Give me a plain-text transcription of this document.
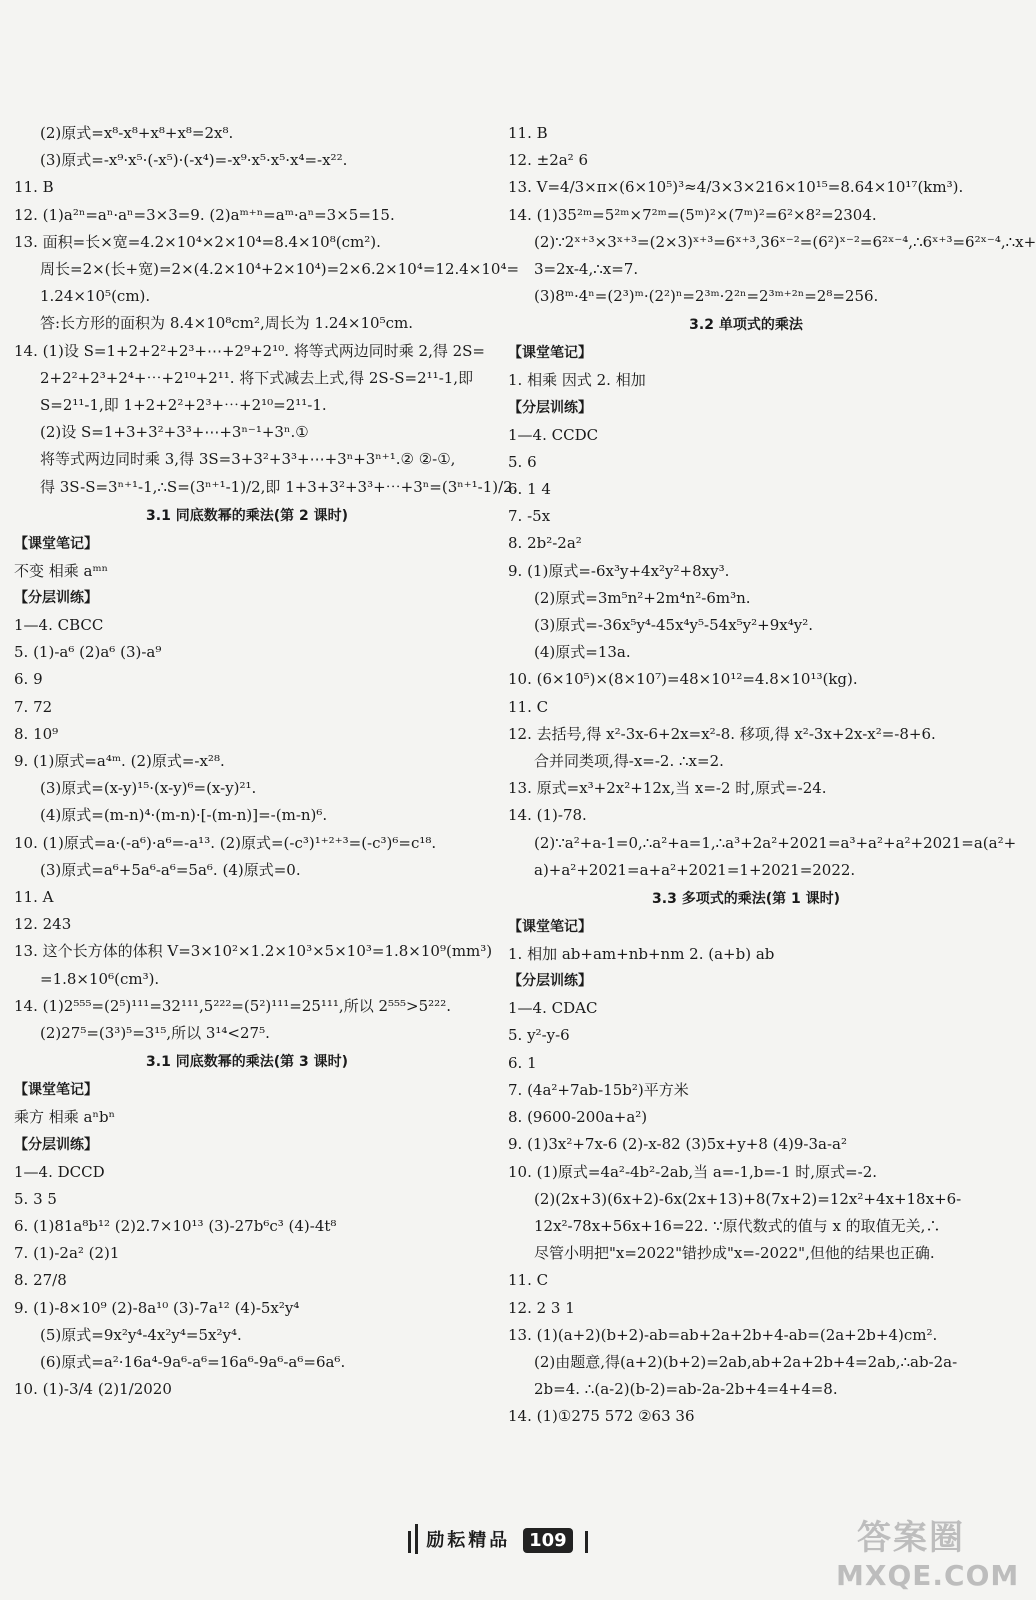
(2)原式=x⁸-x⁸+x⁸+x⁸=2x⁸.
(3)原式=-x⁹·x⁵·(-x⁵)·(-x⁴)=-x⁹·x⁵·x⁵·x⁴=-x²².
11. B
12. (1)a²ⁿ=aⁿ·aⁿ=3×3=9. (2)aᵐ⁺ⁿ=aᵐ·aⁿ=3×5=15.
13. 面积=长×宽=4.2×10⁴×2×10⁴=8.4×10⁸(cm²).
周长=2×(长+宽)=2×(4.2×10⁴+2×10⁴)=2×6.2×10⁴=12.4×10⁴=
1.24×10⁵(cm).
答:长方形的面积为 8.4×10⁸cm²,周长为 1.24×10⁵cm.
14. (1)设 S=1+2+2²+2³+⋯+2⁹+2¹⁰. 将等式两边同时乘 2,得 2S=
2+2²+2³+2⁴+⋯+2¹⁰+2¹¹. 将下式减去上式,得 2S-S=2¹¹-1,即
S=2¹¹-1,即 1+2+2²+2³+⋯+2¹⁰=2¹¹-1.
(2)设 S=1+3+3²+3³+⋯+3ⁿ⁻¹+3ⁿ.①
将等式两边同时乘 3,得 3S=3+3²+3³+⋯+3ⁿ+3ⁿ⁺¹.② ②-①,
得 3S-S=3ⁿ⁺¹-1,∴S=(3ⁿ⁺¹-1)/2,即 1+3+3²+3³+⋯+3ⁿ=(3ⁿ⁺¹-1)/2.
3.1 同底数幂的乘法(第 2 课时)
【课堂笔记】
不变 相乘 aᵐⁿ
【分层训练】
1—4. CBCC
5. (1)-a⁶ (2)a⁶ (3)-a⁹
6. 9
7. 72
8. 10⁹
9. (1)原式=a⁴ᵐ. (2)原式=-x²⁸.
(3)原式=(x-y)¹⁵·(x-y)⁶=(x-y)²¹.
(4)原式=(m-n)⁴·(m-n)·[-(m-n)]=-(m-n)⁶.
10. (1)原式=a·(-a⁶)·a⁶=-a¹³. (2)原式=(-c³)¹⁺²⁺³=(-c³)⁶=c¹⁸.
(3)原式=a⁶+5a⁶-a⁶=5a⁶. (4)原式=0.
11. A
12. 243
13. 这个长方体的体积 V=3×10²×1.2×10³×5×10³=1.8×10⁹(mm³)
=1.8×10⁶(cm³).
14. (1)2⁵⁵⁵=(2⁵)¹¹¹=32¹¹¹,5²²²=(5²)¹¹¹=25¹¹¹,所以 2⁵⁵⁵>5²²².
(2)27⁵=(3³)⁵=3¹⁵,所以 3¹⁴<27⁵.
3.1 同底数幂的乘法(第 3 课时)
【课堂笔记】
乘方 相乘 aⁿbⁿ
【分层训练】
1—4. DCCD
5. 3 5
6. (1)81a⁸b¹² (2)2.7×10¹³ (3)-27b⁶c³ (4)-4t⁸
7. (1)-2a² (2)1
8. 27/8
9. (1)-8×10⁹ (2)-8a¹⁰ (3)-7a¹² (4)-5x²y⁴
(5)原式=9x²y⁴-4x²y⁴=5x²y⁴.
(6)原式=a²·16a⁴-9a⁶-a⁶=16a⁶-9a⁶-a⁶=6a⁶.
10. (1)-3/4 (2)1/2020
11. B
12. ±2a² 6
13. V=4/3×π×(6×10⁵)³≈4/3×3×216×10¹⁵=8.64×10¹⁷(km³).
14. (1)35²ᵐ=5²ᵐ×7²ᵐ=(5ᵐ)²×(7ᵐ)²=6²×8²=2304.
(2)∵2ˣ⁺³×3ˣ⁺³=(2×3)ˣ⁺³=6ˣ⁺³,36ˣ⁻²=(6²)ˣ⁻²=6²ˣ⁻⁴,∴6ˣ⁺³=6²ˣ⁻⁴,∴x+
3=2x-4,∴x=7.
(3)8ᵐ·4ⁿ=(2³)ᵐ·(2²)ⁿ=2³ᵐ·2²ⁿ=2³ᵐ⁺²ⁿ=2⁸=256.
3.2 单项式的乘法
【课堂笔记】
1. 相乘 因式 2. 相加
【分层训练】
1—4. CCDC
5. 6
6. 1 4
7. -5x
8. 2b²-2a²
9. (1)原式=-6x³y+4x²y²+8xy³.
(2)原式=3m⁵n²+2m⁴n²-6m³n.
(3)原式=-36x⁵y⁴-45x⁴y⁵-54x⁵y²+9x⁴y².
(4)原式=13a.
10. (6×10⁵)×(8×10⁷)=48×10¹²=4.8×10¹³(kg).
11. C
12. 去括号,得 x²-3x-6+2x=x²-8. 移项,得 x²-3x+2x-x²=-8+6.
合并同类项,得-x=-2. ∴x=2.
13. 原式=x³+2x²+12x,当 x=-2 时,原式=-24.
14. (1)-78.
(2)∵a²+a-1=0,∴a²+a=1,∴a³+2a²+2021=a³+a²+a²+2021=a(a²+
a)+a²+2021=a+a²+2021=1+2021=2022.
3.3 多项式的乘法(第 1 课时)
【课堂笔记】
1. 相加 ab+am+nb+nm 2. (a+b) ab
【分层训练】
1—4. CDAC
5. y²-y-6
6. 1
7. (4a²+7ab-15b²)平方米
8. (9600-200a+a²)
9. (1)3x²+7x-6 (2)-x-82 (3)5x+y+8 (4)9-3a-a²
10. (1)原式=4a²-4b²-2ab,当 a=-1,b=-1 时,原式=-2.
(2)(2x+3)(6x+2)-6x(2x+13)+8(7x+2)=12x²+4x+18x+6-
12x²-78x+56x+16=22. ∵原代数式的值与 x 的取值无关,∴
尽管小明把"x=2022"错抄成"x=-2022",但他的结果也正确.
11. C
12. 2 3 1
13. (1)(a+2)(b+2)-ab=ab+2a+2b+4-ab=(2a+2b+4)cm².
(2)由题意,得(a+2)(b+2)=2ab,ab+2a+2b+4=2ab,∴ab-2a-
2b=4. ∴(a-2)(b-2)=ab-2a-2b+4=4+4=8.
14. (1)①275 572 ②63 36
励耘精品 109	答案圈
MXQE.COM
